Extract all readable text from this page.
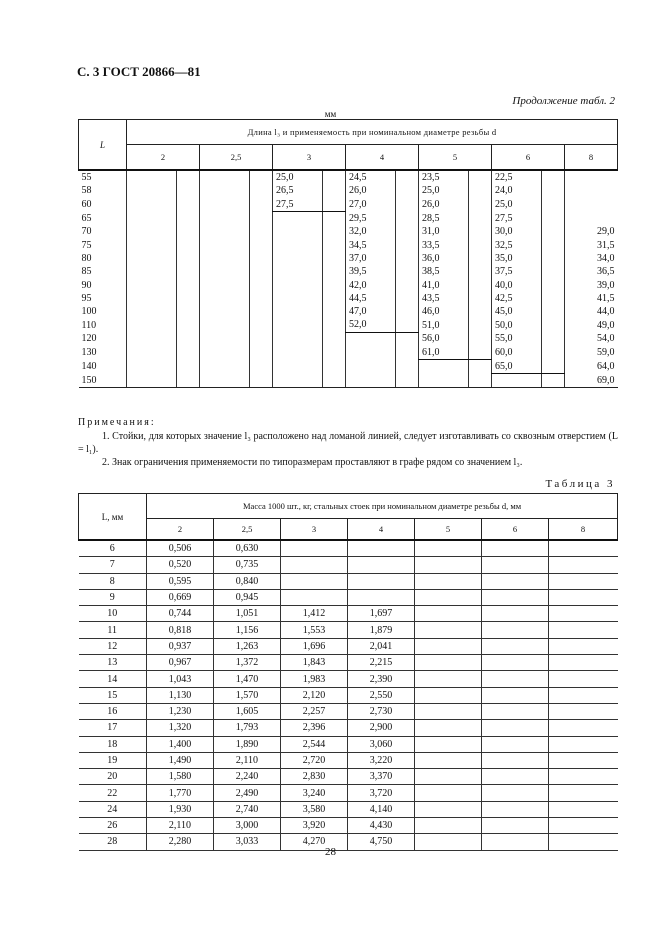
С. 3 ГОСТ 20866—81
Продолжение табл. 2
мм
L	Длина l₃ и применяемость при номинальном диаметре резьбы d												
	2		2,5		3		4		5		6		8
55					25,0		24,5		23,5		22,5		
58					26,5		26,0		25,0		24,0		
60					27,5		27,0		26,0		25,0		
65							29,5		28,5		27,5		
70							32,0		31,0		30,0		29,0
75							34,5		33,5		32,5		31,5
80							37,0		36,0		35,0		34,0
85							39,5		38,5		37,5		36,5
90							42,0		41,0		40,0		39,0
95							44,5		43,5		42,5		41,5
100							47,0		46,0		45,0		44,0
110							52,0		51,0		50,0		49,0
120									56,0		55,0		54,0
130									61,0		60,0		59,0
140											65,0		64,0
150													69,0
Примечания:

1. Стойки, для которых значение l₃ расположено над ломаной линией, следует изготавливать со сквозным отверстием (L = l₁).

2. Знак ограничения применяемости по типоразмерам проставляют в графе рядом со значением l₃.

Таблица 3
L, мм	Масса 1000 шт., кг, стальных стоек при номинальном диаметре резьбы d, мм						
	2	2,5	3	4	5	6	8
6	0,506	0,630					
7	0,520	0,735					
8	0,595	0,840					
9	0,669	0,945					
10	0,744	1,051	1,412	1,697			
11	0,818	1,156	1,553	1,879			
12	0,937	1,263	1,696	2,041			
13	0,967	1,372	1,843	2,215			
14	1,043	1,470	1,983	2,390			
15	1,130	1,570	2,120	2,550			
16	1,230	1,605	2,257	2,730			
17	1,320	1,793	2,396	2,900			
18	1,400	1,890	2,544	3,060			
19	1,490	2,110	2,720	3,220			
20	1,580	2,240	2,830	3,370			
22	1,770	2,490	3,240	3,720			
24	1,930	2,740	3,580	4,140			
26	2,110	3,000	3,920	4,430			
28	2,280	3,033	4,270	4,750			
28
